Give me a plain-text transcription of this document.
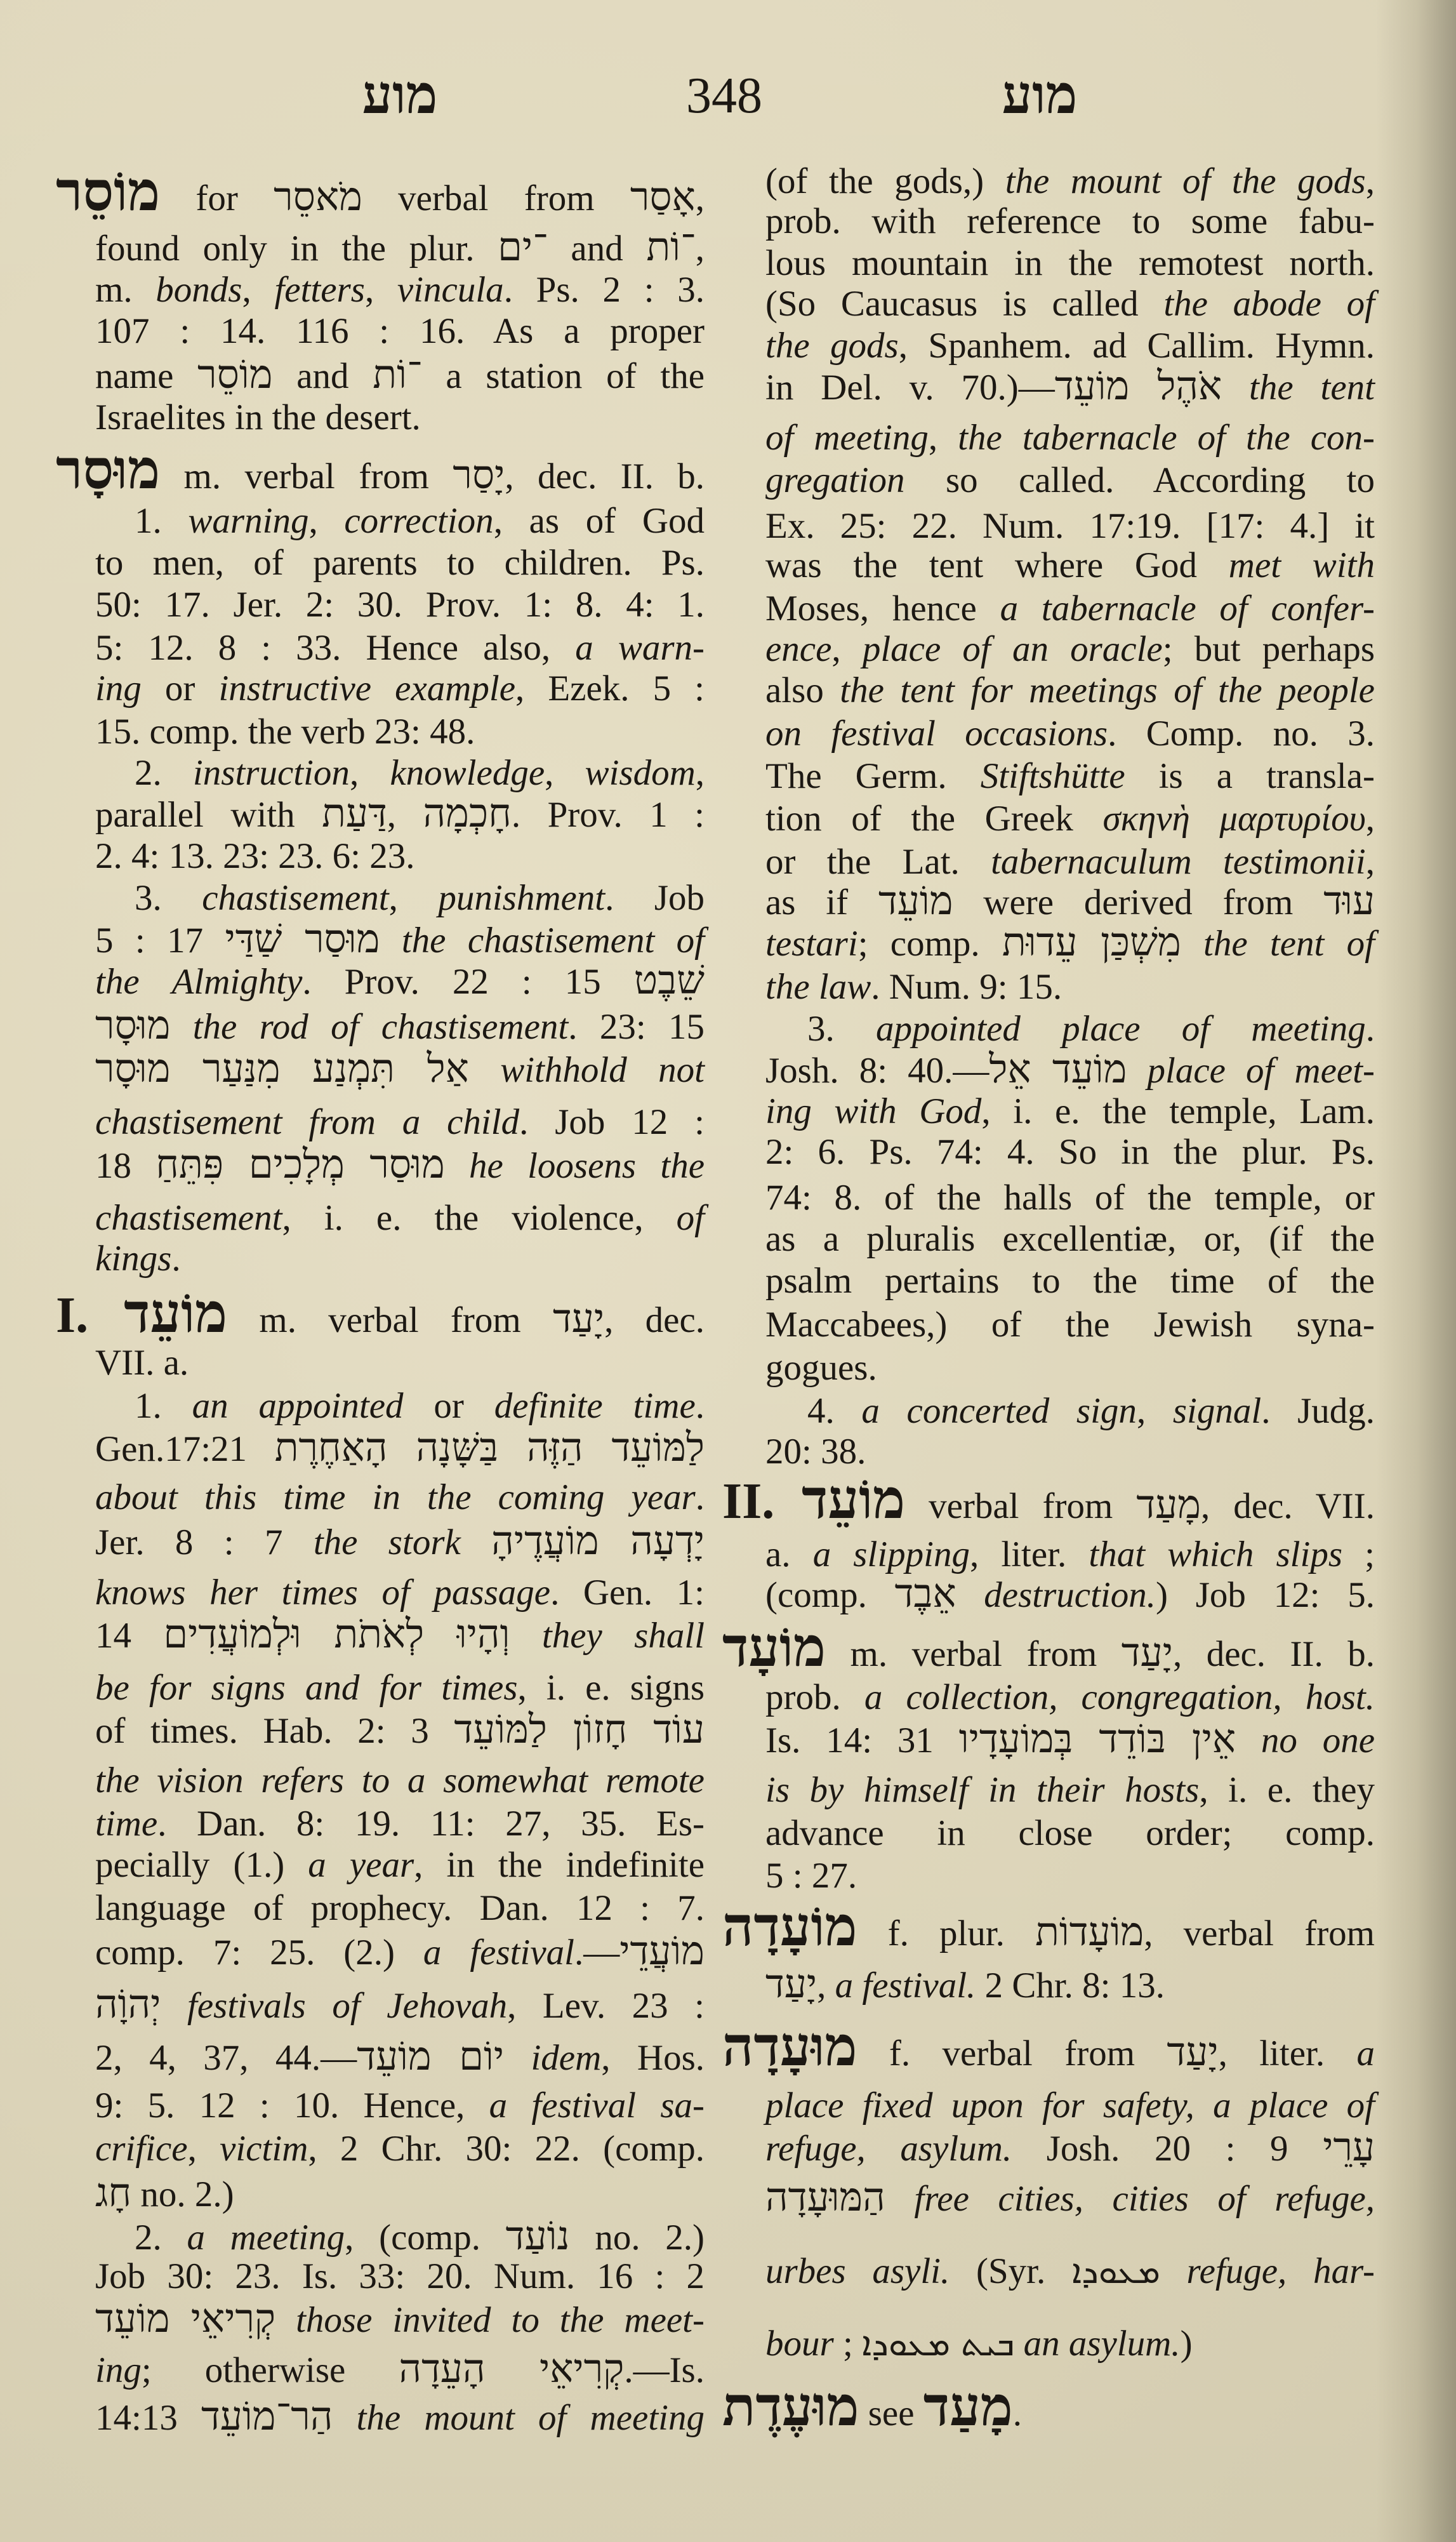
מוע	348	מוע
מוֹסֵר for מֹאסֵר verbal from אָסַר,
found only in the plur. ־ים and ־וֹת,
m. bonds, fetters, vincula. Ps. 2 : 3.
107 : 14. 116 : 16. As a proper
name מוֹסֵר and ־וֹת a station of the
Israelites in the desert.
מוּסָר m. verbal from יָסַר, dec. II. b.
1. warning, correction, as of God
to men, of parents to children. Ps.
50: 17. Jer. 2: 30. Prov. 1: 8. 4: 1.
5: 12. 8 : 33. Hence also, a warn-
ing or instructive example, Ezek. 5 :
15. comp. the verb 23: 48.
2. instruction, knowledge, wisdom,
parallel with דַּעַת, חָכְמָה. Prov. 1 :
2. 4: 13. 23: 23. 6: 23.
3. chastisement, punishment. Job
5 : 17 מוּסַר שַׁדַּי the chastisement of
the Almighty. Prov. 22 : 15 שֵׁבֶט
מוּסָר the rod of chastisement. 23: 15
אַל תִּמְנַע מִנַּעַר מוּסָר withhold not
chastisement from a child. Job 12 :
18 מוּסַר מְלָכִים פִּתֵּחַ he loosens the
chastisement, i. e. the violence, of
kings.
I. מוֹעֵד m. verbal from יָעַד, dec.
VII. a.
1. an appointed or definite time.
Gen.17:21 לַמּוֹעֵד הַזֶּה בַּשָּׁנָה הָאַחֶרֶת
about this time in the coming year.
Jer. 8 : 7 the stork יָדְעָה מוֹעֲדֶיהָ
knows her times of passage. Gen. 1:
14 וְהָיוּ לְאֹתֹת וּלְמוֹעֲדִים they shall
be for signs and for times, i. e. signs
of times. Hab. 2: 3 עוֹד חָזוֹן לַמּוֹעֵד
the vision refers to a somewhat remote
time. Dan. 8: 19. 11: 27, 35. Es-
pecially (1.) a year, in the indefinite
language of prophecy. Dan. 12 : 7.
comp. 7: 25. (2.) a festival.—מוֹעֲדֵי
יְהוָֹה festivals of Jehovah, Lev. 23 :
2, 4, 37, 44.—יוֹם מוֹעֵד idem, Hos.
9: 5. 12 : 10. Hence, a festival sa-
crifice, victim, 2 Chr. 30: 22. (comp.
חָג no. 2.)
2. a meeting, (comp. נוֹעַד no. 2.)
Job 30: 23. Is. 33: 20. Num. 16 : 2
קְרִיאֵי מוֹעֵד those invited to the meet-
ing; otherwise קְרִיאֵי הָעֵדָה.—Is.
14:13 הַר־מוֹעֵד the mount of meeting
(of the gods,) the mount of the gods,
prob. with reference to some fabu-
lous mountain in the remotest north.
(So Caucasus is called the abode of
the gods, Spanhem. ad Callim. Hymn.
in Del. v. 70.)—אֹהֶל מוֹעֵד the tent
of meeting, the tabernacle of the con-
gregation so called. According to
Ex. 25: 22. Num. 17:19. [17: 4.] it
was the tent where God met with
Moses, hence a tabernacle of confer-
ence, place of an oracle; but perhaps
also the tent for meetings of the people
on festival occasions. Comp. no. 3.
The Germ. Stiftshütte is a transla-
tion of the Greek σκηνὴ μαρτυρίου,
or the Lat. tabernaculum testimonii,
as if מוֹעֵד were derived from עוּד
testari; comp. מִשְׁכַּן עֵדוּת the tent of
the law. Num. 9: 15.
3. appointed place of meeting.
Josh. 8: 40.—מוֹעֵד אֵל place of meet-
ing with God, i. e. the temple, Lam.
2: 6. Ps. 74: 4. So in the plur. Ps.
74: 8. of the halls of the temple, or
as a pluralis excellentiæ, or, (if the
psalm pertains to the time of the
Maccabees,) of the Jewish syna-
gogues.
4. a concerted sign, signal. Judg.
20: 38.
II. מוֹעֵד verbal from מָעַד, dec. VII.
a. a slipping, liter. that which slips ;
(comp. אֵבֶד destruction.) Job 12: 5.
מוֹעָד m. verbal from יָעַד, dec. II. b.
prob. a collection, congregation, host.
Is. 14: 31 אֵין בּוֹדֵד בְּמוֹעָדָיו no one
is by himself in their hosts, i. e. they
advance in close order; comp.
5 : 27.
מוֹעָדָה f. plur. מוֹעָדוֹת, verbal from
יָעַד, a festival. 2 Chr. 8: 13.
מוּעָדָה f. verbal from יָעַד, liter. a
place fixed upon for safety, a place of
refuge, asylum. Josh. 20 : 9 עָרֵי
הַמּוּעָדָה free cities, cities of refuge,
urbes asyli. (Syr. ܡܥܘܕܐ refuge, har-
bour ; ܒܝܬ ܡܥܘܕܐ an asylum.)
מוּעֶדֶת see מָעַד.
